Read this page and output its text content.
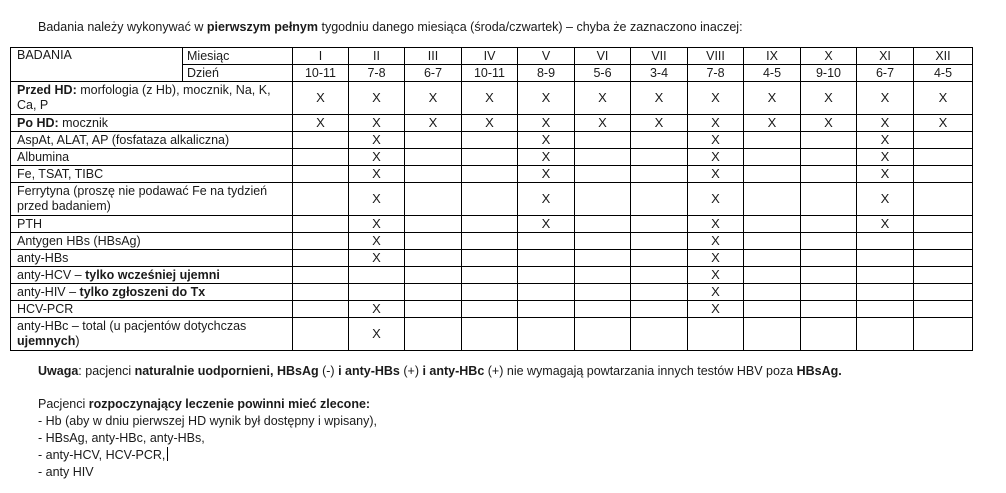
Badania należy wykonywać w pierwszym pełnym tygodniu danego miesiąca (środa/czwartek) – chyba że zaznaczono inaczej:
BADANIA	Miesiąc	I	II	III	IV	V	VI	VII	VIII	IX	X	XI	XII
	Dzień	10-11	7-8	6-7	10-11	8-9	5-6	3-4	7-8	4-5	9-10	6-7	4-5
Przed HD: morfologia (z Hb), mocznik, Na, K, Ca, P		X	X	X	X	X	X	X	X	X	X	X	X
Po HD: mocznik		X	X	X	X	X	X	X	X	X	X	X	X
AspAt, ALAT, AP (fosfataza alkaliczna)			X			X			X			X	
Albumina			X			X			X			X	
Fe, TSAT, TIBC			X			X			X			X	
Ferrytyna (proszę nie podawać Fe na tydzień przed badaniem)			X			X			X			X	
PTH			X			X			X			X	
Antygen HBs (HBsAg)			X						X				
anty-HBs			X						X				
anty-HCV – tylko wcześniej ujemni									X				
anty-HIV – tylko zgłoszeni do Tx									X				
HCV-PCR			X						X				
anty-HBc – total (u pacjentów dotychczas ujemnych)			X										
Uwaga: pacjenci naturalnie uodpornieni, HBsAg (-) i anty-HBs (+) i anty-HBc (+) nie wymagają powtarzania innych testów HBV poza HBsAg.
Pacjenci rozpoczynający leczenie powinni mieć zlecone:
- Hb (aby w dniu pierwszej HD wynik był dostępny i wpisany),
- HBsAg, anty-HBc, anty-HBs,
- anty-HCV, HCV-PCR,
- anty HIV
